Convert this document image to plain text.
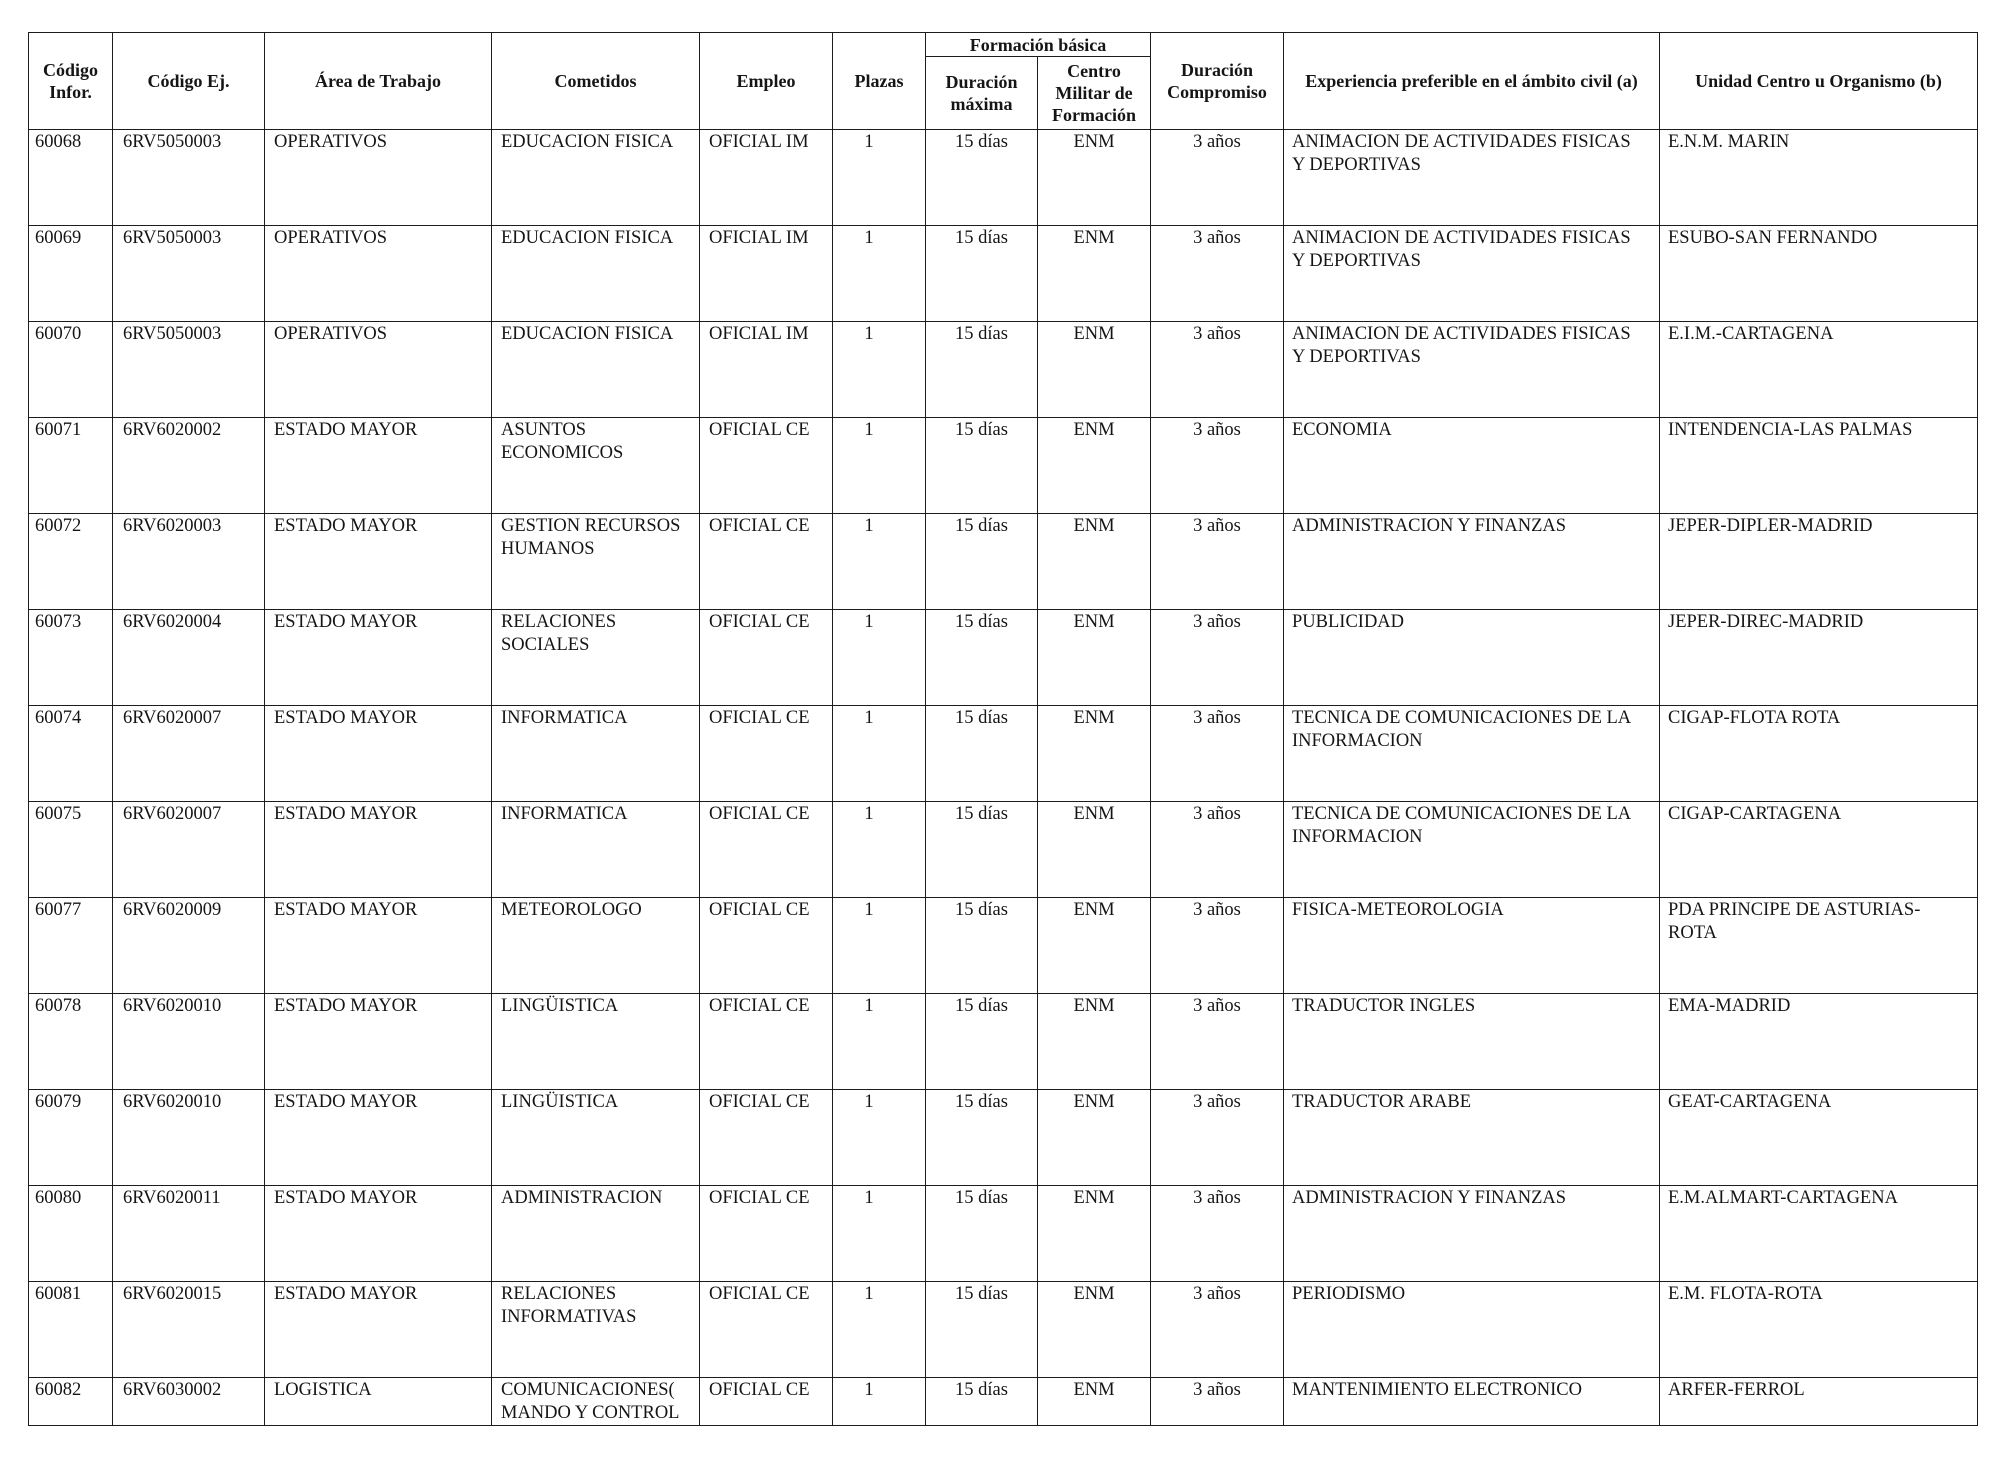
Código Infor.	Código Ej.	Área de Trabajo	Cometidos	Empleo	Plazas	Formación básica		Duración Compromiso	Experiencia preferible en el ámbito civil (a)	Unidad Centro u Organismo (b)
						Duración máxima	Centro Militar de Formación			
60068	6RV5050003	OPERATIVOS	EDUCACION FISICA	OFICIAL IM	1	15 días	ENM	3 años	ANIMACION DE ACTIVIDADES FISICAS Y DEPORTIVAS	E.N.M. MARIN
60069	6RV5050003	OPERATIVOS	EDUCACION FISICA	OFICIAL IM	1	15 días	ENM	3 años	ANIMACION DE ACTIVIDADES FISICAS Y DEPORTIVAS	ESUBO-SAN FERNANDO
60070	6RV5050003	OPERATIVOS	EDUCACION FISICA	OFICIAL IM	1	15 días	ENM	3 años	ANIMACION DE ACTIVIDADES FISICAS Y DEPORTIVAS	E.I.M.-CARTAGENA
60071	6RV6020002	ESTADO MAYOR	ASUNTOS ECONOMICOS	OFICIAL CE	1	15 días	ENM	3 años	ECONOMIA	INTENDENCIA-LAS PALMAS
60072	6RV6020003	ESTADO MAYOR	GESTION RECURSOS HUMANOS	OFICIAL CE	1	15 días	ENM	3 años	ADMINISTRACION Y FINANZAS	JEPER-DIPLER-MADRID
60073	6RV6020004	ESTADO MAYOR	RELACIONES SOCIALES	OFICIAL CE	1	15 días	ENM	3 años	PUBLICIDAD	JEPER-DIREC-MADRID
60074	6RV6020007	ESTADO MAYOR	INFORMATICA	OFICIAL CE	1	15 días	ENM	3 años	TECNICA DE COMUNICACIONES DE LA INFORMACION	CIGAP-FLOTA ROTA
60075	6RV6020007	ESTADO MAYOR	INFORMATICA	OFICIAL CE	1	15 días	ENM	3 años	TECNICA DE COMUNICACIONES DE LA INFORMACION	CIGAP-CARTAGENA
60077	6RV6020009	ESTADO MAYOR	METEOROLOGO	OFICIAL CE	1	15 días	ENM	3 años	FISICA-METEOROLOGIA	PDA PRINCIPE DE ASTURIAS-ROTA
60078	6RV6020010	ESTADO MAYOR	LINGÜISTICA	OFICIAL CE	1	15 días	ENM	3 años	TRADUCTOR INGLES	EMA-MADRID
60079	6RV6020010	ESTADO MAYOR	LINGÜISTICA	OFICIAL CE	1	15 días	ENM	3 años	TRADUCTOR ARABE	GEAT-CARTAGENA
60080	6RV6020011	ESTADO MAYOR	ADMINISTRACION	OFICIAL CE	1	15 días	ENM	3 años	ADMINISTRACION Y FINANZAS	E.M.ALMART-CARTAGENA
60081	6RV6020015	ESTADO MAYOR	RELACIONES INFORMATIVAS	OFICIAL CE	1	15 días	ENM	3 años	PERIODISMO	E.M. FLOTA-ROTA
60082	6RV6030002	LOGISTICA	COMUNICACIONES( MANDO Y CONTROL	OFICIAL CE	1	15 días	ENM	3 años	MANTENIMIENTO ELECTRONICO	ARFER-FERROL
